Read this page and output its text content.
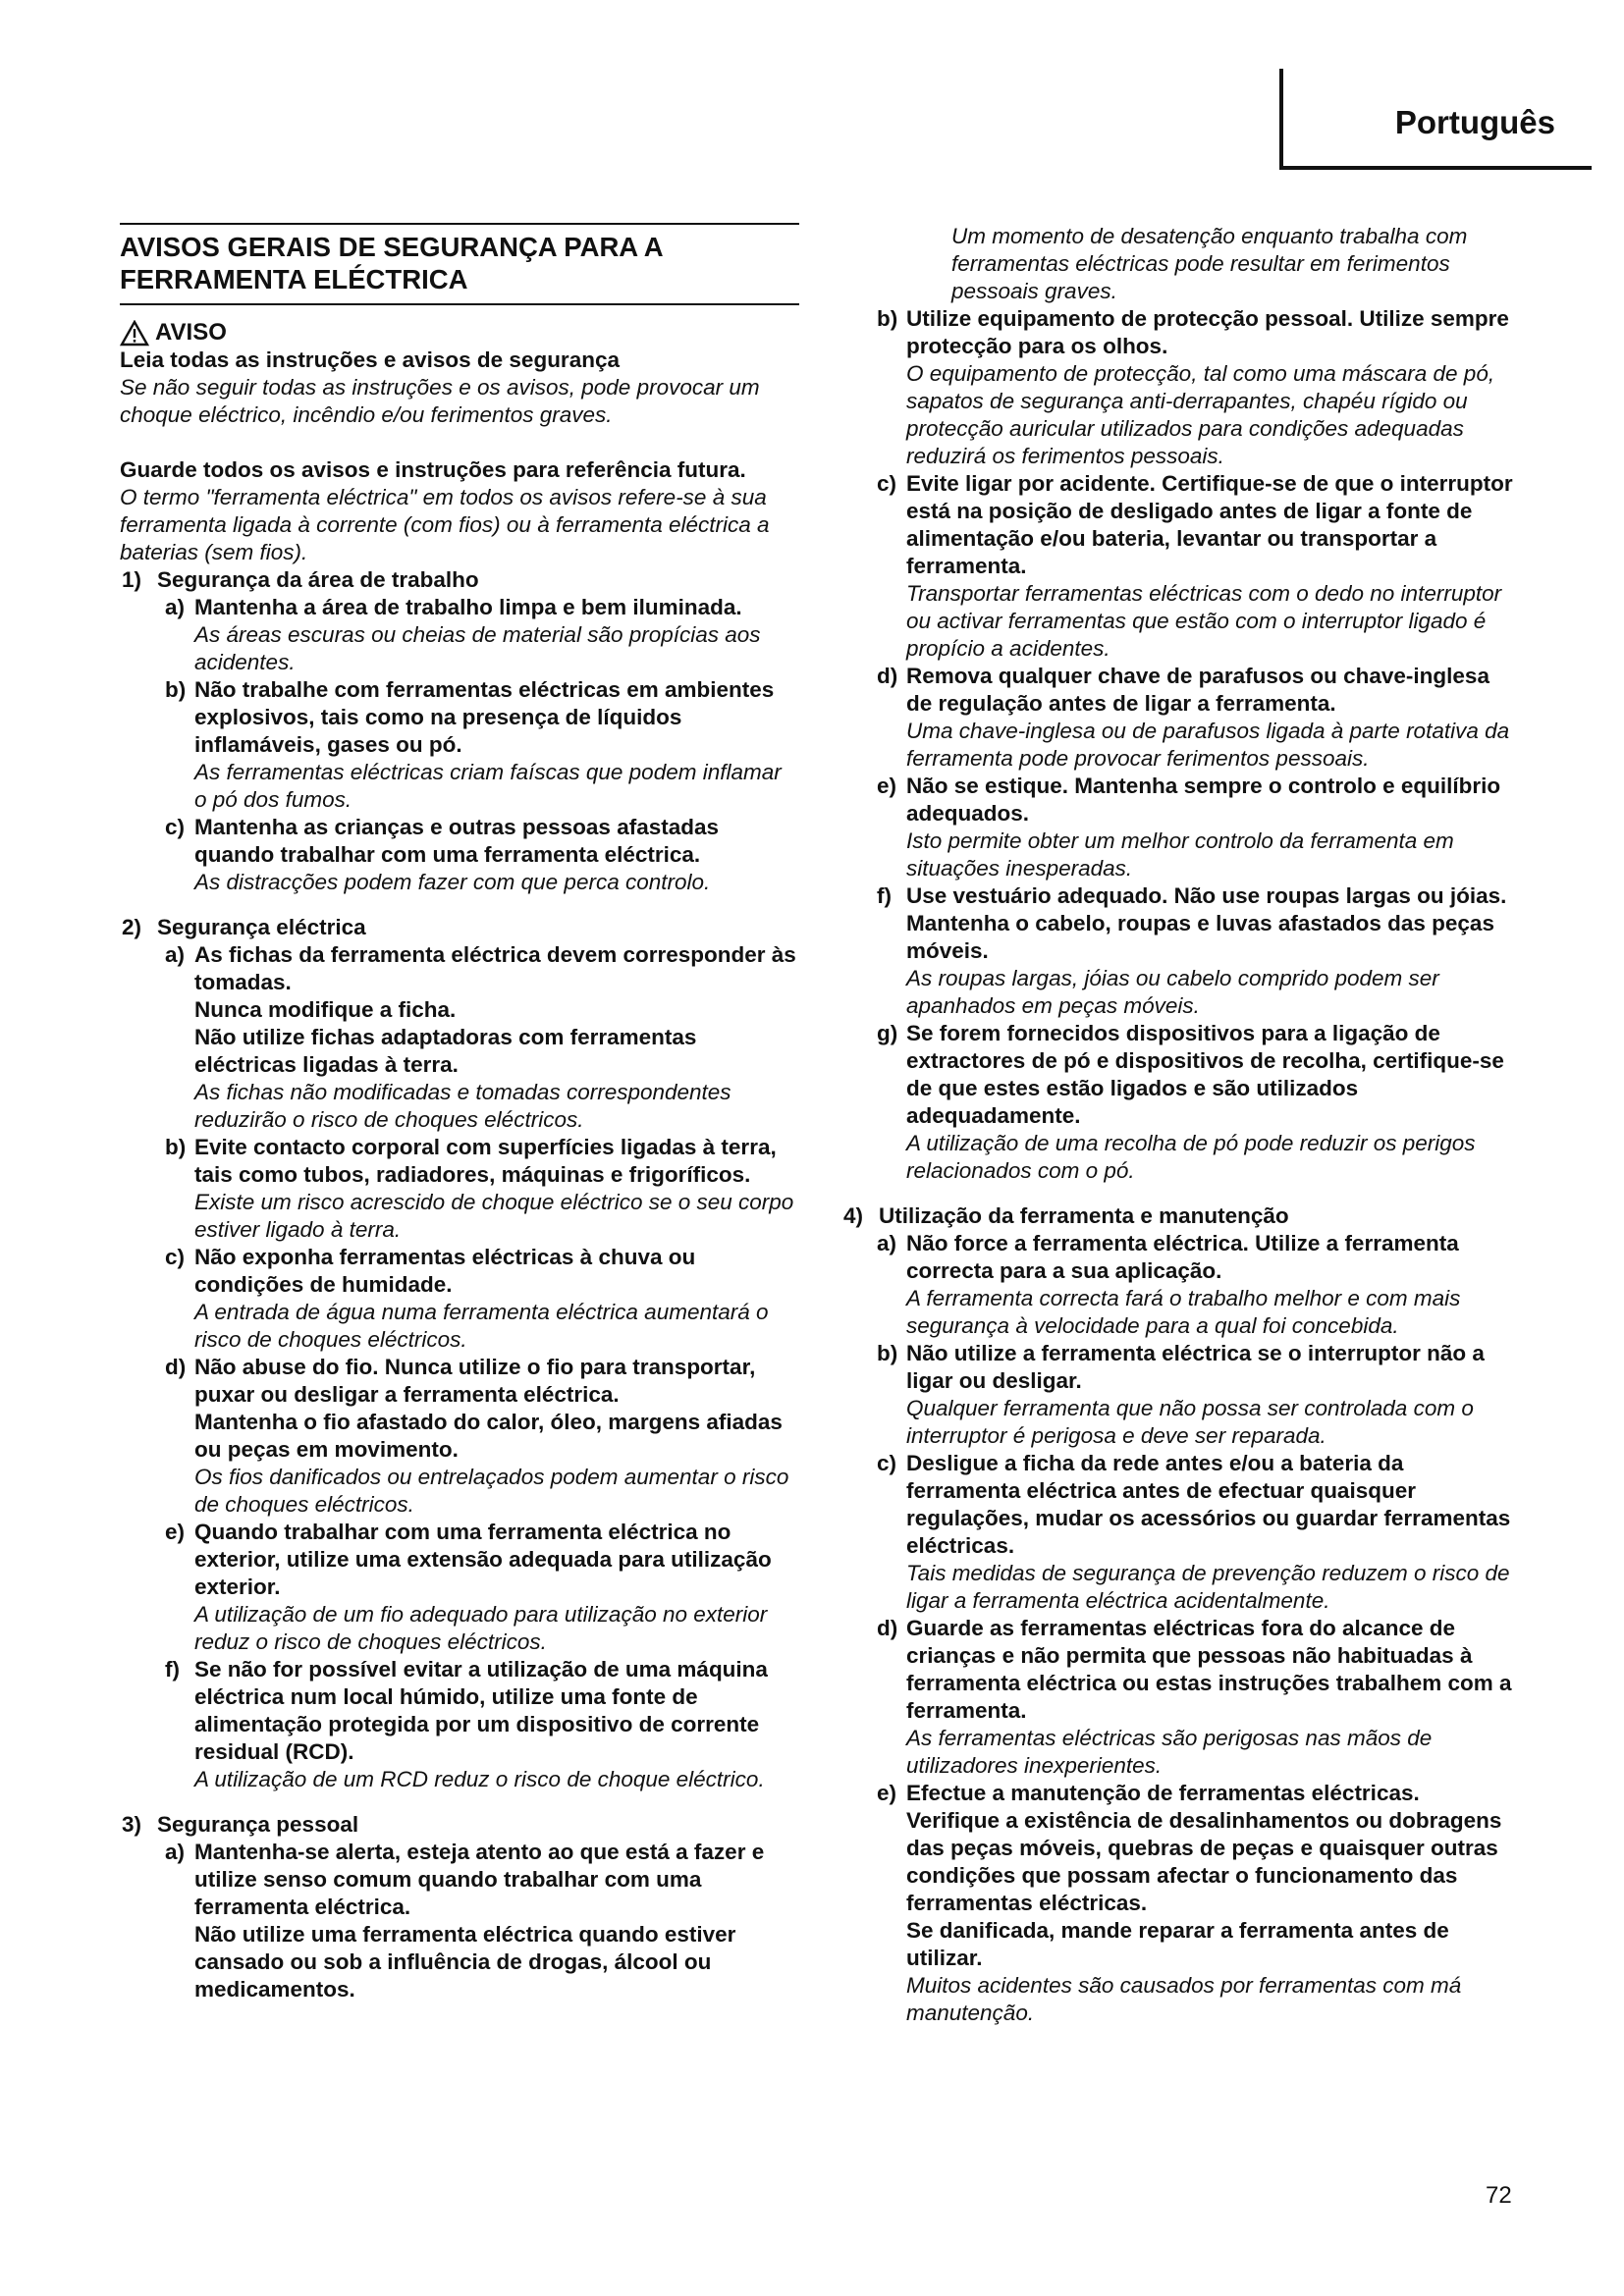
Português
AVISOS GERAIS DE SEGURANÇA PARA A FERRAMENTA ELÉCTRICA
AVISO
Leia todas as instruções e avisos de segurança
Se não seguir todas as instruções e os avisos, pode provocar um choque eléctrico, incêndio e/ou ferimentos graves.
Guarde todos os avisos e instruções para referência futura.
O termo "ferramenta eléctrica" em todos os avisos refere-se à sua ferramenta ligada à corrente (com fios) ou à ferramenta eléctrica a baterias (sem fios).
1) Segurança da área de trabalho
a) Mantenha a área de trabalho limpa e bem iluminada.

As áreas escuras ou cheias de material são propícias aos acidentes.

b) Não trabalhe com ferramentas eléctricas em ambientes explosivos, tais como na presença de líquidos inflamáveis, gases ou pó.

As ferramentas eléctricas criam faíscas que podem inflamar o pó dos fumos.

c) Mantenha as crianças e outras pessoas afastadas quando trabalhar com uma ferramenta eléctrica.

As distracções podem fazer com que perca controlo.

2) Segurança eléctrica
a) As fichas da ferramenta eléctrica devem corresponder às tomadas.

Nunca modifique a ficha.

Não utilize fichas adaptadoras com ferramentas eléctricas ligadas à terra.

As fichas não modificadas e tomadas correspondentes reduzirão o risco de choques eléctricos.

b) Evite contacto corporal com superfícies ligadas à terra, tais como tubos, radiadores, máquinas e frigoríficos.

Existe um risco acrescido de choque eléctrico se o seu corpo estiver ligado à terra.

c) Não exponha ferramentas eléctricas à chuva ou condições de humidade.

A entrada de água numa ferramenta eléctrica aumentará o risco de choques eléctricos.

d) Não abuse do fio. Nunca utilize o fio para transportar, puxar ou desligar a ferramenta eléctrica.

Mantenha o fio afastado do calor, óleo, margens afiadas ou peças em movimento.

Os fios danificados ou entrelaçados podem aumentar o risco de choques eléctricos.

e) Quando trabalhar com uma ferramenta eléctrica no exterior, utilize uma extensão adequada para utilização exterior.

A utilização de um fio adequado para utilização no exterior reduz o risco de choques eléctricos.

f) Se não for possível evitar a utilização de uma máquina eléctrica num local húmido, utilize uma fonte de alimentação protegida por um dispositivo de corrente residual (RCD).

A utilização de um RCD reduz o risco de choque eléctrico.

3) Segurança pessoal
a) Mantenha-se alerta, esteja atento ao que está a fazer e utilize senso comum quando trabalhar com uma ferramenta eléctrica.

Não utilize uma ferramenta eléctrica quando estiver cansado ou sob a influência de drogas, álcool ou medicamentos.

Um momento de desatenção enquanto trabalha com ferramentas eléctricas pode resultar em ferimentos pessoais graves.

b) Utilize equipamento de protecção pessoal. Utilize sempre protecção para os olhos.

O equipamento de protecção, tal como uma máscara de pó, sapatos de segurança anti-derrapantes, chapéu rígido ou protecção auricular utilizados para condições adequadas reduzirá os ferimentos pessoais.

c) Evite ligar por acidente. Certifique-se de que o interruptor está na posição de desligado antes de ligar a fonte de alimentação e/ou bateria, levantar ou transportar a ferramenta.

Transportar ferramentas eléctricas com o dedo no interruptor ou activar ferramentas que estão com o interruptor ligado é propício a acidentes.

d) Remova qualquer chave de parafusos ou chave-inglesa de regulação antes de ligar a ferramenta.

Uma chave-inglesa ou de parafusos ligada à parte rotativa da ferramenta pode provocar ferimentos pessoais.

e) Não se estique. Mantenha sempre o controlo e equilíbrio adequados.

Isto permite obter um melhor controlo da ferramenta em situações inesperadas.

f) Use vestuário adequado. Não use roupas largas ou jóias. Mantenha o cabelo, roupas e luvas afastados das peças móveis.

As roupas largas, jóias ou cabelo comprido podem ser apanhados em peças móveis.

g) Se forem fornecidos dispositivos para a ligação de extractores de pó e dispositivos de recolha, certifique-se de que estes estão ligados e são utilizados adequadamente.

A utilização de uma recolha de pó pode reduzir os perigos relacionados com o pó.

4) Utilização da ferramenta e manutenção
a) Não force a ferramenta eléctrica. Utilize a ferramenta correcta para a sua aplicação.

A ferramenta correcta fará o trabalho melhor e com mais segurança à velocidade para a qual foi concebida.

b) Não utilize a ferramenta eléctrica se o interruptor não a ligar ou desligar.

Qualquer ferramenta que não possa ser controlada com o interruptor é perigosa e deve ser reparada.

c) Desligue a ficha da rede antes e/ou a bateria da ferramenta eléctrica antes de efectuar quaisquer regulações, mudar os acessórios ou guardar ferramentas eléctricas.

Tais medidas de segurança de prevenção reduzem o risco de ligar a ferramenta eléctrica acidentalmente.

d) Guarde as ferramentas eléctricas fora do alcance de crianças e não permita que pessoas não habituadas à ferramenta eléctrica ou estas instruções trabalhem com a ferramenta.

As ferramentas eléctricas são perigosas nas mãos de utilizadores inexperientes.

e) Efectue a manutenção de ferramentas eléctricas.

Verifique a existência de desalinhamentos ou dobragens das peças móveis, quebras de peças e quaisquer outras condições que possam afectar o funcionamento das ferramentas eléctricas.

Se danificada, mande reparar a ferramenta antes de utilizar.

Muitos acidentes são causados por ferramentas com má manutenção.

72
